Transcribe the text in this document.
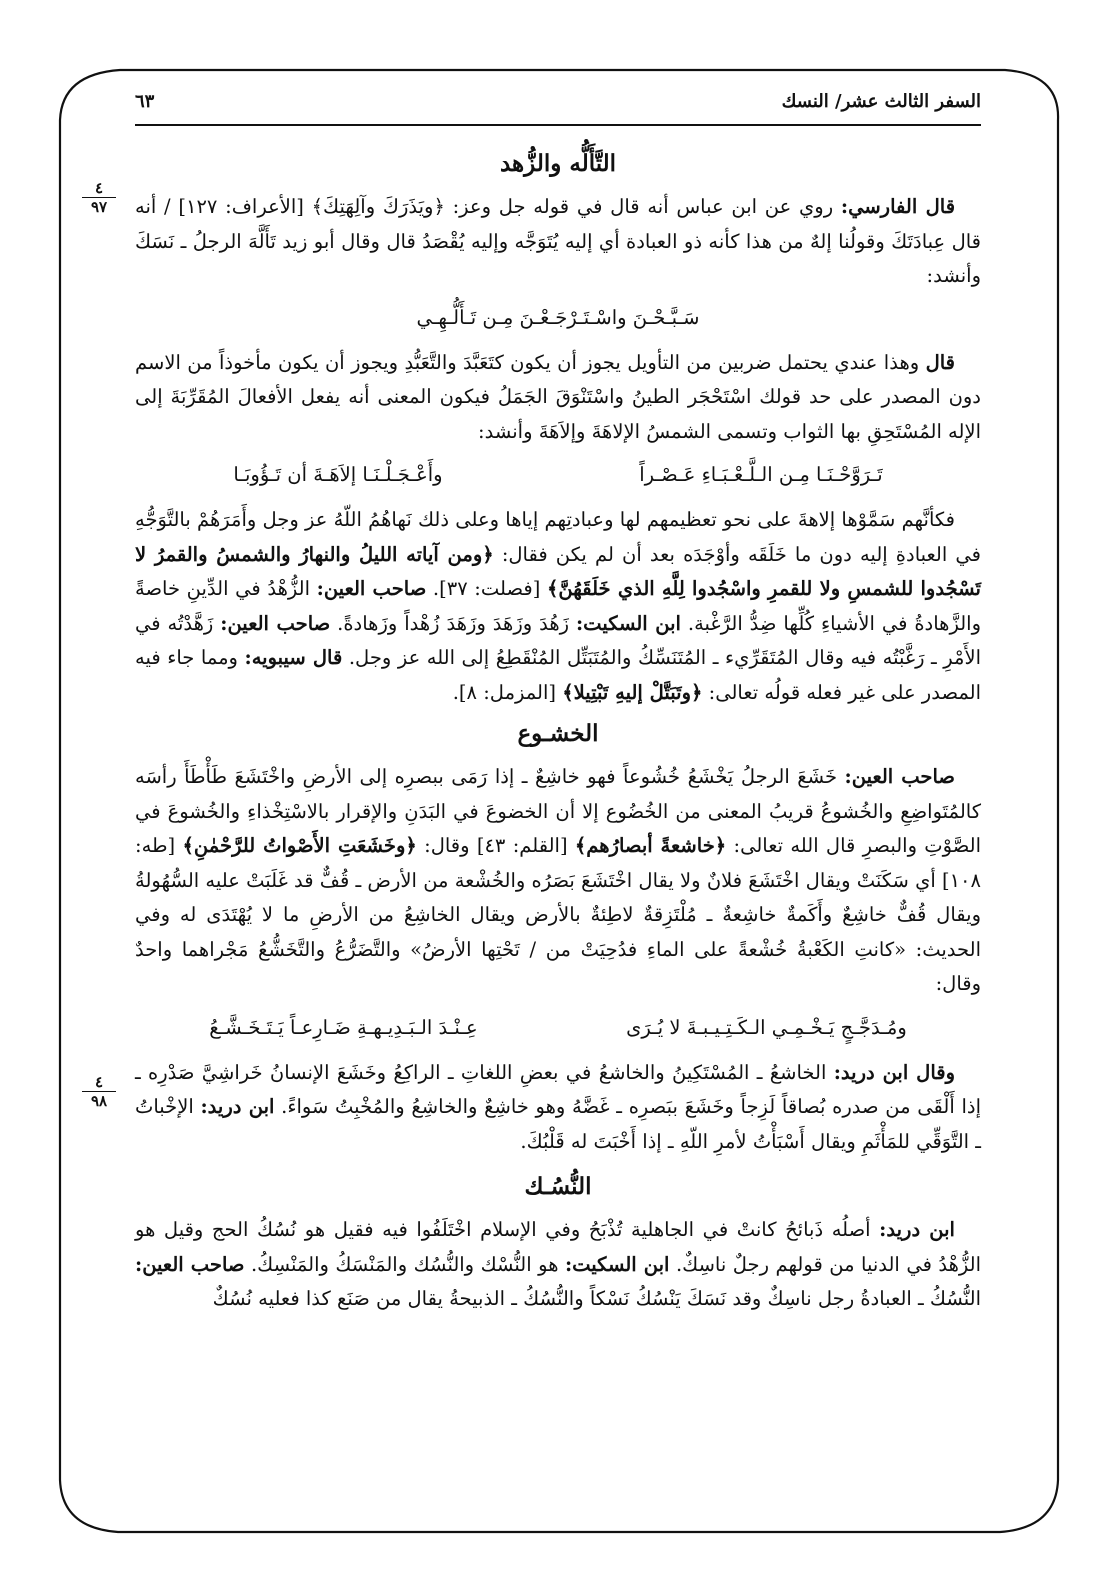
السفر الثالث عشر/ النسك
٦٣
٤
٩٧
٤
٩٨
التَّأَلُّه والزُّهد

قال الفارسي: روي عن ابن عباس أنه قال في قوله جل وعز: ﴿ويَذَرَكَ وآلِهَتِكَ﴾ [الأعراف: ١٢٧] / أنه قال عِبادَتَكَ وقولُنا إلهٌ من هذا كأنه ذو العبادة أي إليه يُتَوَجَّه وإليه يُقْصَدُ قال وقال أبو زيد تَأَلَّهَ الرجلُ ـ نَسَكَ وأنشد:

سَـبَّـحْـنَ واسْـتَـرْجَـعْـنَ مِـن تَـأَلُّـهِـي

قال وهذا عندي يحتمل ضربين من التأويل يجوز أن يكون كتَعَبَّدَ والتَّعَبُّدِ ويجوز أن يكون مأخوذاً من الاسم دون المصدر على حد قولك اسْتَحْجَر الطينُ واسْتَنْوَقَ الجَمَلُ فيكون المعنى أنه يفعل الأفعالَ المُقَرِّبَةَ إلى الإله المُسْتَحِقِ بها الثواب وتسمى الشمسُ الإلاهَةَ وإلاَهَةَ وأنشد:

تَـرَوَّحْـنَـا مِـن الـلَّـعْـبَـاءِ عَـصْـراً
وأَعْـجَـلْـنَـا إلاَهَـةَ أن تَـؤُوبَـا

فكأنَّهم سَمَّوْها إلاهةَ على نحو تعظيمهم لها وعبادتِهم إياها وعلى ذلك نَهاهُمُ اللّهُ عز وجل وأَمَرَهُمْ بالتَّوَجُّهِ في العبادةِ إليه دون ما خَلَقَه وأوْجَدَه بعد أن لم يكن فقال: ﴿ومن آياته الليلُ والنهارُ والشمسُ والقمرُ لا تَسْجُدوا للشمسِ ولا للقمرِ واسْجُدوا لِلَّهِ الذي خَلَقَهُنَّ﴾ [فصلت: ٣٧]. صاحب العين: الزُّهْدُ في الدِّينِ خاصةً والزَّهادةُ في الأشياءِ كُلِّها ضِدُّ الرَّغْبة. ابن السكيت: زَهُدَ وزَهَدَ وزَهَدَ زُهْداً وزَهادةً. صاحب العين: زَهَّدْتُه في الأَمْرِ ـ رَغَّبْتُه فيه وقال المُتَقَرِّيء ـ المُتَنَسِّكُ والمُتَبَتِّل المُنْقَطِعُ إلى الله عز وجل. قال سيبويه: ومما جاء فيه المصدر على غير فعله قولُه تعالى: ﴿وتَبَتَّلْ إليهِ تَبْتِيلا﴾ [المزمل: ٨].

الخشـوع

صاحب العين: خَشَعَ الرجلُ يَخْشَعُ خُشُوعاً فهو خاشِعٌ ـ إذا رَمَى ببصرِه إلى الأرضِ واخْتَشَعَ طَأْطَأَ رأسَه كالمُتَواضِعِ والخُشوعُ قريبُ المعنى من الخُضُوع إلا أن الخضوعَ في البَدَنِ والإقرار بالاسْتِخْذاءِ والخُشوعَ في الصَّوْتِ والبصرِ قال الله تعالى: ﴿خاشعةً أبصارُهم﴾ [القلم: ٤٣] وقال: ﴿وخَشَعَتِ الأَصْواتُ للرَّحْمٰنِ﴾ [طه: ١٠٨] أي سَكَنَتْ ويقال اخْتَشَعَ فلانٌ ولا يقال اخْتَشَعَ بَصَرُه والخُشْعة من الأرض ـ قُفٌّ قد غَلَبَتْ عليه السُّهُولةُ ويقال قُفٌّ خاشِعٌ وأَكَمةٌ خاشِعةٌ ـ مُلْتَزِقةٌ لاطِئةٌ بالأرض ويقال الخاشِعُ من الأرضِ ما لا يُهْتَدَى له وفي الحديث: «كانتِ الكَعْبةُ خُشْعةً على الماءِ فدُحِيَتْ من / تَحْتِها الأرضُ» والتَّضَرُّعُ والتَّخَشُّعُ مَجْراهما واحدٌ وقال:

ومُـدَجَّـجٍ يَـخْـمِـي الـكَـتِـيـبـةَ لا يُـرَى
عِـنْـدَ الـبَـدِيـهـةِ ضَـارِعـاً يَـتَـخَـشَّـعُ

وقال ابن دريد: الخاشعُ ـ المُسْتَكِينُ والخاشعُ في بعضِ اللغاتِ ـ الراكِعُ وخَشَعَ الإنسانُ خَراشِيَّ صَدْرِه ـ إذا أَلْقَى من صدره بُصاقاً لَزِجاً وخَشَعَ ببَصرِه ـ غَضَّهُ وهو خاشِعٌ والخاشِعُ والمُخْبِتُ سَواءً. ابن دريد: الإخْباتُ ـ التَّوَقِّي للمَأْثَمِ ويقال أَسْبَأْتُ لأمرِ اللّهِ ـ إذا أَخْبَتَ له قَلْبُكَ.

النُّسُـك

ابن دريد: أصلُه ذَبائحُ كانتْ في الجاهلية تُذْبَحُ وفي الإسلام اخْتَلَفُوا فيه فقيل هو نُسُكُ الحج وقيل هو الزُّهْدُ في الدنيا من قولهم رجلٌ ناسِكٌ. ابن السكيت: هو النُّسْك والنُّسُك والمَنْسَكُ والمَنْسِكُ. صاحب العين: النُّسُكُ ـ العبادةُ رجل ناسِكٌ وقد نَسَكَ يَنْسُكُ نَسْكاً والنُّسُكُ ـ الذبيحةُ يقال من صَنَع كذا فعليه نُسُكٌ
